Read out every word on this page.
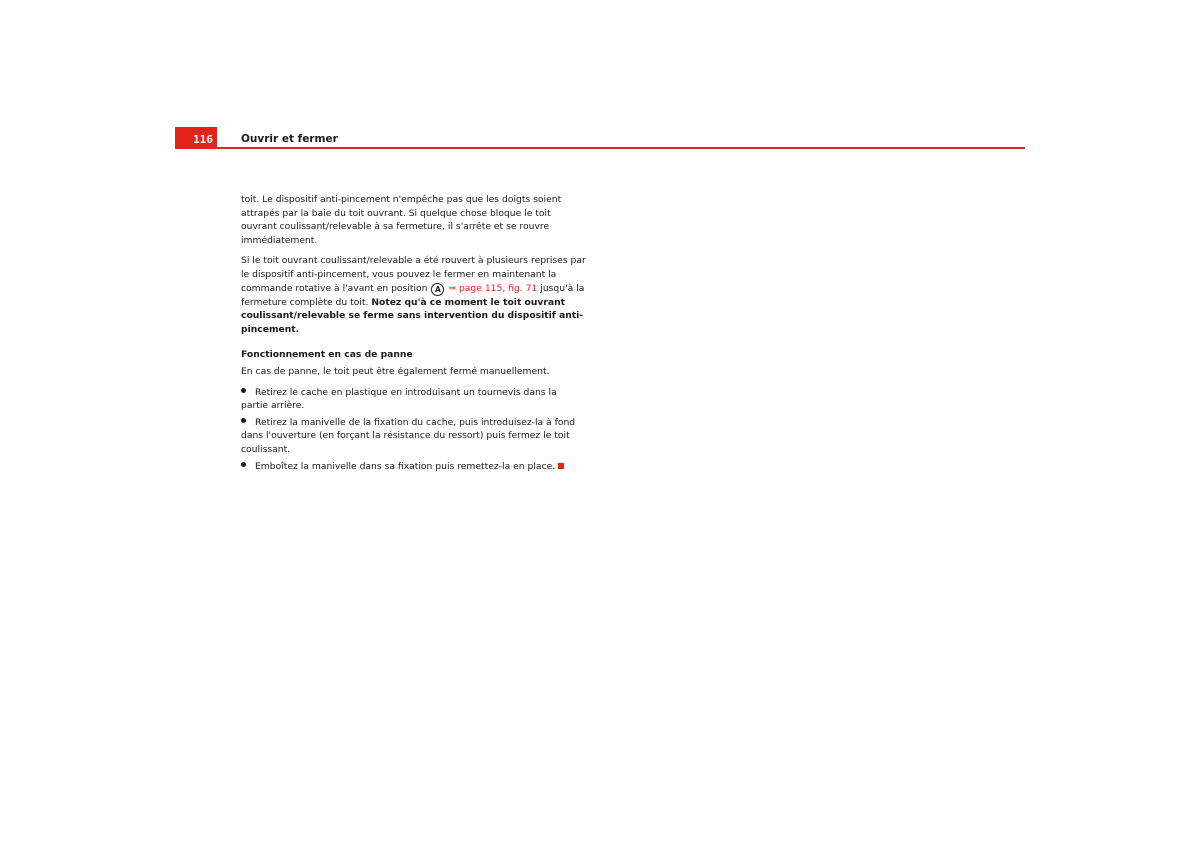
116	Ouvrir et fermer

toit. Le dispositif anti-pincement n'empêche pas que les doigts soient attrapés par la baie du toit ouvrant. Si quelque chose bloque le toit ouvrant coulissant/relevable à sa fermeture, il s'arrête et se rouvre immédiatement.

Si le toit ouvrant coulissant/relevable a été rouvert à plusieurs reprises par le dispositif anti-pincement, vous pouvez le fermer en maintenant la commande rotative à l'avant en position A ⇒ page 115, fig. 71 jusqu'à la fermeture complète du toit. Notez qu'à ce moment le toit ouvrant coulissant/relevable se ferme sans intervention du dispositif anti-pincement.

Fonctionnement en cas de panne

En cas de panne, le toit peut être également fermé manuellement.

Retirez le cache en plastique en introduisant un tournevis dans la partie arrière.
Retirez la manivelle de la fixation du cache, puis introduisez-la à fond dans l'ouverture (en forçant la résistance du ressort) puis fermez le toit coulissant.
Emboîtez la manivelle dans sa fixation puis remettez-la en place.
